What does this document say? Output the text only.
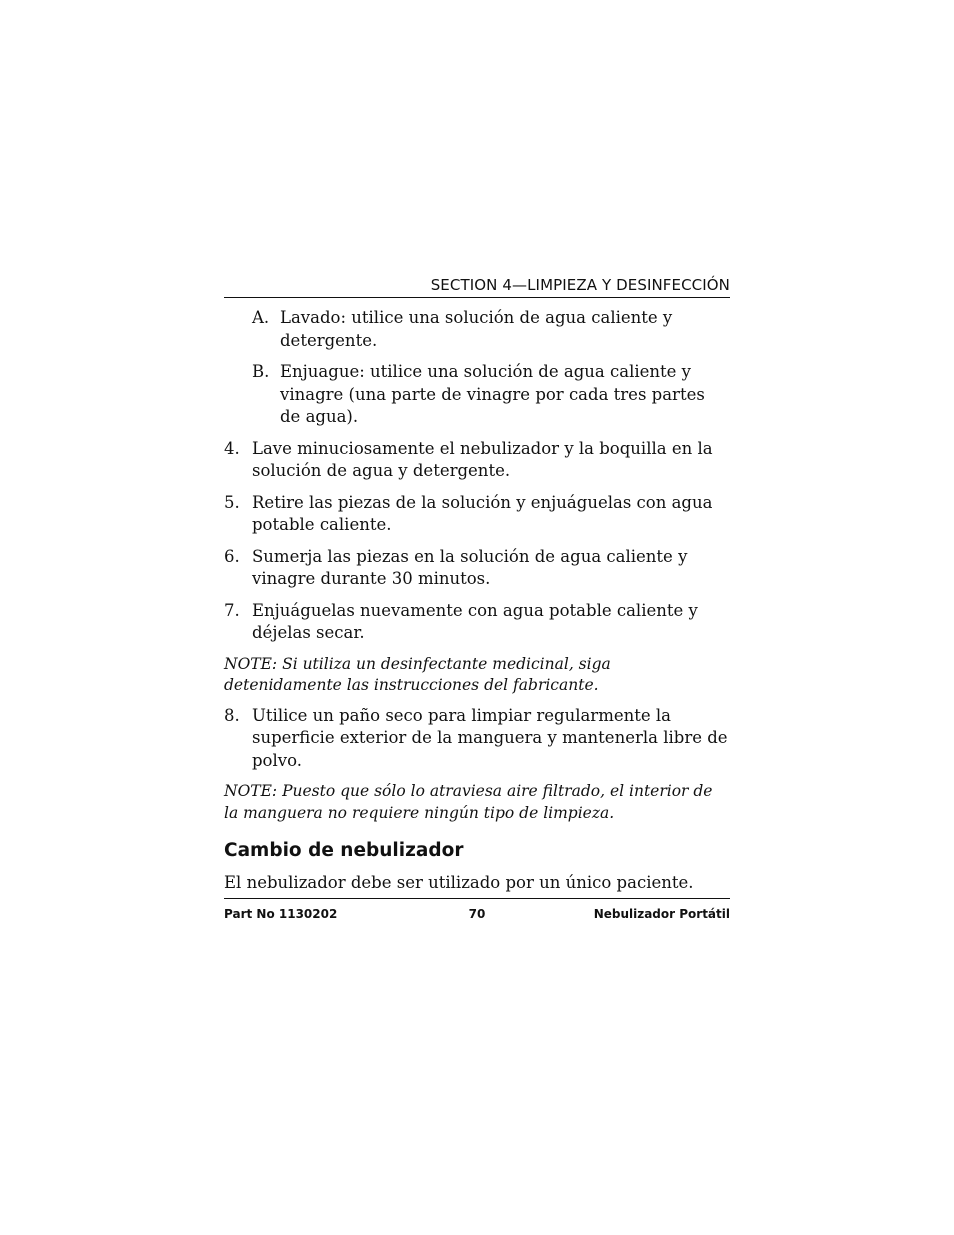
SECTION 4—LIMPIEZA Y DESINFECCIÓN
A. Lavado: utilice una solución de agua caliente y detergente.
B. Enjuague: utilice una solución de agua caliente y vinagre (una parte de vinagre por cada tres partes de agua).
4. Lave minuciosamente el nebulizador y la boquilla en la solución de agua y detergente.
5. Retire las piezas de la solución y enjuáguelas con agua potable caliente.
6. Sumerja las piezas en la solución de agua caliente y vinagre durante 30 minutos.
7. Enjuáguelas nuevamente con agua potable caliente y déjelas secar.
NOTE: Si utiliza un desinfectante medicinal, siga detenidamente las instrucciones del fabricante.
8. Utilice un paño seco para limpiar regularmente la superficie exterior de la manguera y mantenerla libre de polvo.
NOTE: Puesto que sólo lo atraviesa aire filtrado, el interior de la manguera no requiere ningún tipo de limpieza.
Cambio de nebulizador
El nebulizador debe ser utilizado por un único paciente.
Part No 1130202	Nebulizador Portátil
70
